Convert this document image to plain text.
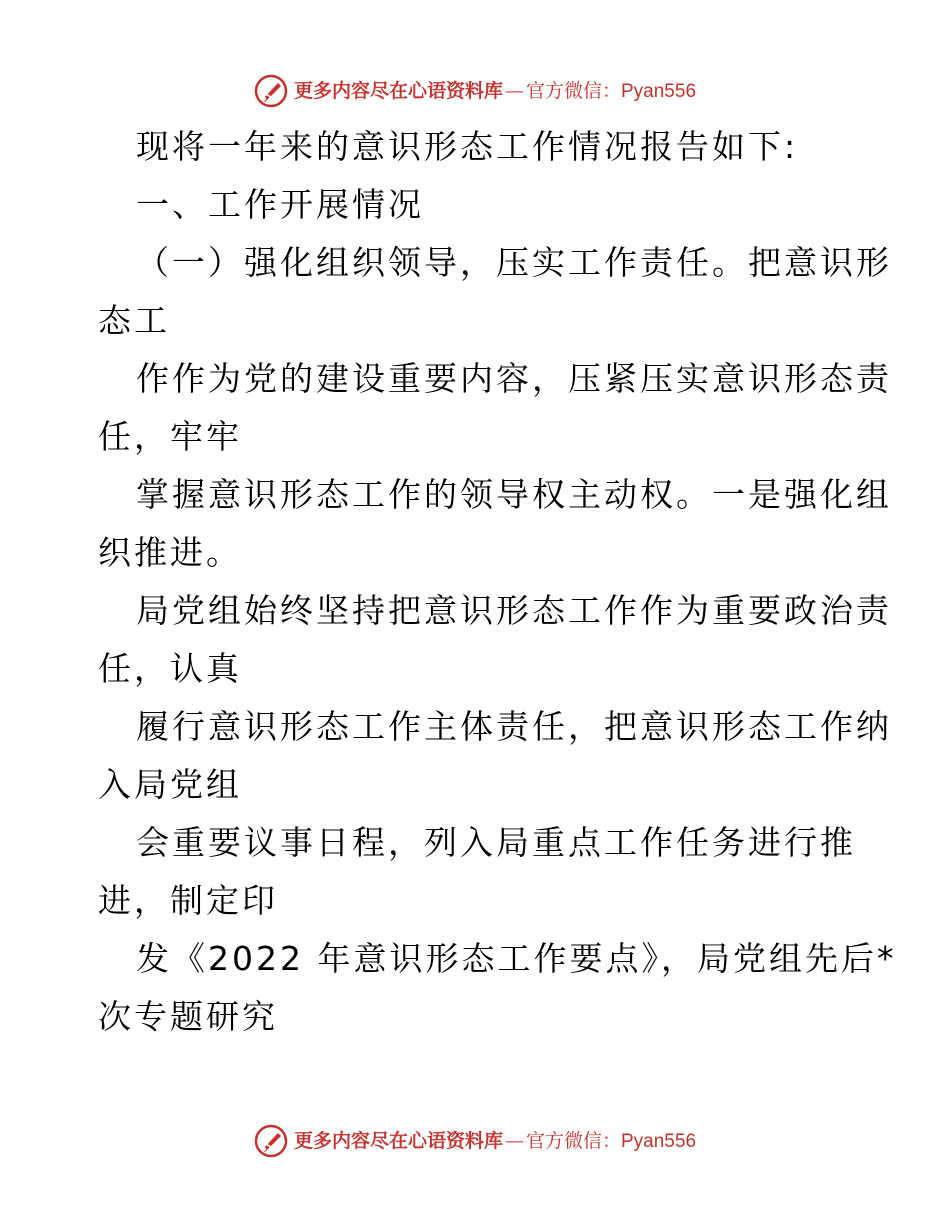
更多内容尽在心语资料库 — 官方微信： Pyan556
现将一年来的意识形态工作情况报告如下:
一、工作开展情况
（一）强化组织领导，压实工作责任。把意识形
态工
作作为党的建设重要内容，压紧压实意识形态责
任，牢牢
掌握意识形态工作的领导权主动权。一是强化组
织推进。
局党组始终坚持把意识形态工作作为重要政治责
任，认真
履行意识形态工作主体责任，把意识形态工作纳
入局党组
会重要议事日程，列入局重点工作任务进行推
进，制定印
发《2022 年意识形态工作要点》，局党组先后*
次专题研究
更多内容尽在心语资料库 — 官方微信： Pyan556
